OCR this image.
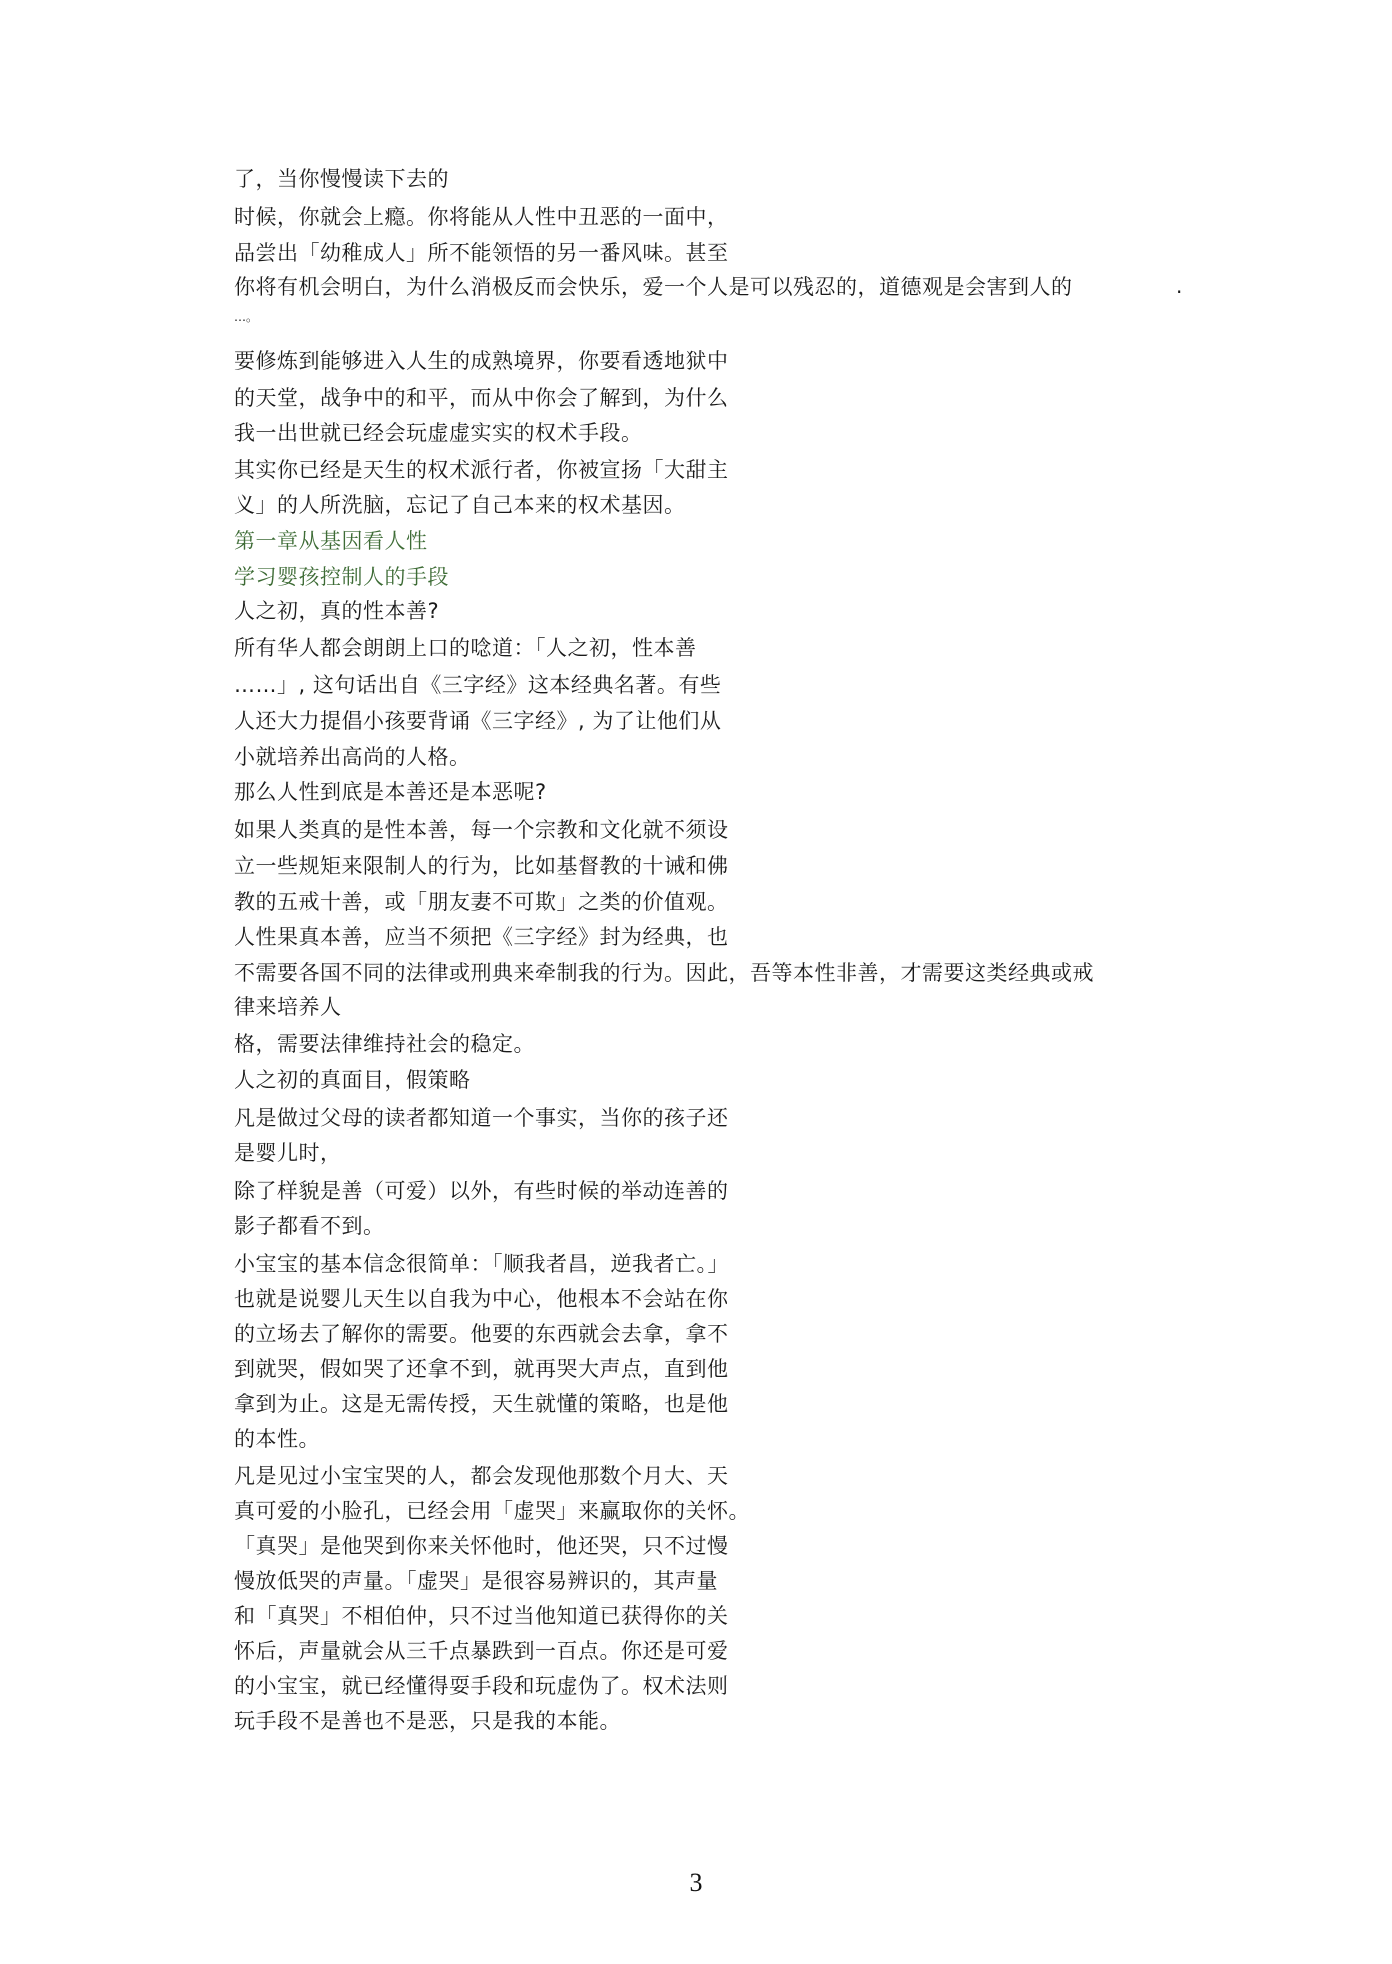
了，当你慢慢读下去的
时候，你就会上瘾。你将能从人性中丑恶的一面中，
品尝出「幼稚成人」所不能领悟的另一番风味。甚至
你将有机会明白，为什么消极反而会快乐，爱一个人是可以残忍的，道德观是会害到人的
…。
要修炼到能够进入人生的成熟境界，你要看透地狱中
的天堂，战争中的和平，而从中你会了解到，为什么
我一出世就已经会玩虚虚实实的权术手段。
其实你已经是天生的权术派行者，你被宣扬「大甜主
义」的人所洗脑，忘记了自己本来的权术基因。
第一章从基因看人性
学习婴孩控制人的手段
人之初，真的性本善?
所有华人都会朗朗上口的唸道：「人之初，性本善
……」, 这句话出自《三字经》这本经典名著。有些
人还大力提倡小孩要背诵《三字经》, 为了让他们从
小就培养出高尚的人格。
那么人性到底是本善还是本恶呢?
如果人类真的是性本善，每一个宗教和文化就不须设
立一些规矩来限制人的行为，比如基督教的十诫和佛
教的五戒十善，或「朋友妻不可欺」之类的价值观。
人性果真本善，应当不须把《三字经》封为经典，也
不需要各国不同的法律或刑典来牵制我的行为。因此，吾等本性非善，才需要这类经典或戒
律来培养人
格，需要法律维持社会的稳定。
人之初的真面目，假策略
凡是做过父母的读者都知道一个事实，当你的孩子还
是婴儿时，
除了样貌是善（可爱）以外，有些时候的举动连善的
影子都看不到。
小宝宝的基本信念很简单：「顺我者昌，逆我者亡。」
也就是说婴儿天生以自我为中心，他根本不会站在你
的立场去了解你的需要。他要的东西就会去拿，拿不
到就哭，假如哭了还拿不到，就再哭大声点，直到他
拿到为止。这是无需传授，天生就懂的策略，也是他
的本性。
凡是见过小宝宝哭的人，都会发现他那数个月大、天
真可爱的小脸孔，已经会用「虚哭」来赢取你的关怀。
「真哭」是他哭到你来关怀他时，他还哭，只不过慢
慢放低哭的声量。「虚哭」是很容易辨识的，其声量
和「真哭」不相伯仲，只不过当他知道已获得你的关
怀后，声量就会从三千点暴跌到一百点。你还是可爱
的小宝宝，就已经懂得耍手段和玩虚伪了。权术法则
玩手段不是善也不是恶，只是我的本能。
·
3
